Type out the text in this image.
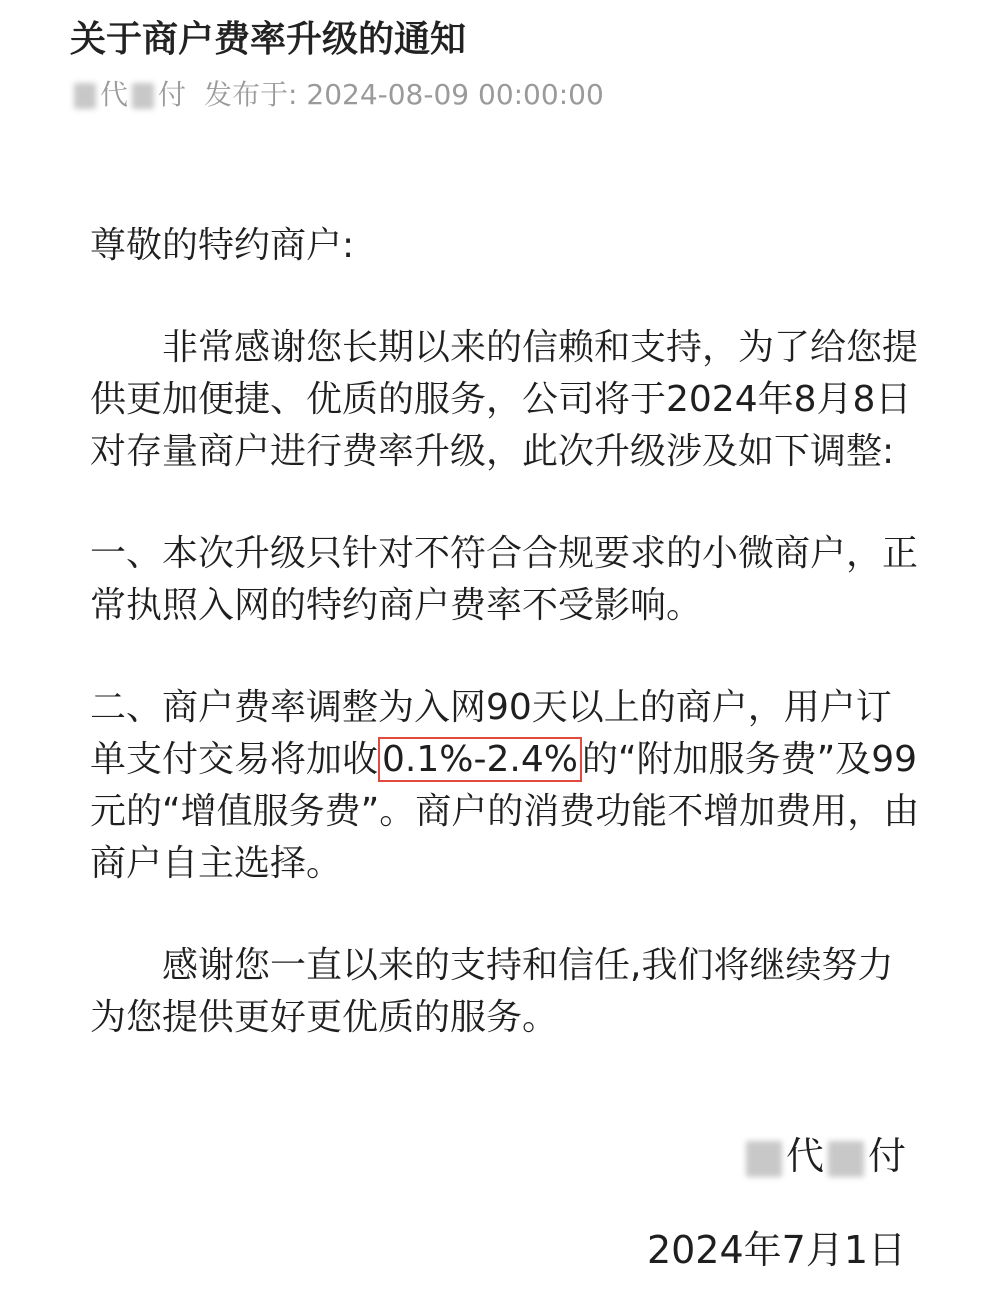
关于商户费率升级的通知
代 付 发布于: 2024-08-09 00:00:00

尊敬的特约商户:

非常感谢您长期以来的信赖和支持，为了给您提供更加便捷、优质的服务，公司将于2024年8月8日对存量商户进行费率升级，此次升级涉及如下调整:

一、本次升级只针对不符合合规要求的小微商户，正常执照入网的特约商户费率不受影响。

二、商户费率调整为入网90天以上的商户，用户订单支付交易将加收 0.1%-2.4% 的“附加服务费”及99元的“增值服务费”。商户的消费功能不增加费用，由商户自主选择。

感谢您一直以来的支持和信任,我们将继续努力为您提供更好更优质的服务。

代 付
2024年7月1日
